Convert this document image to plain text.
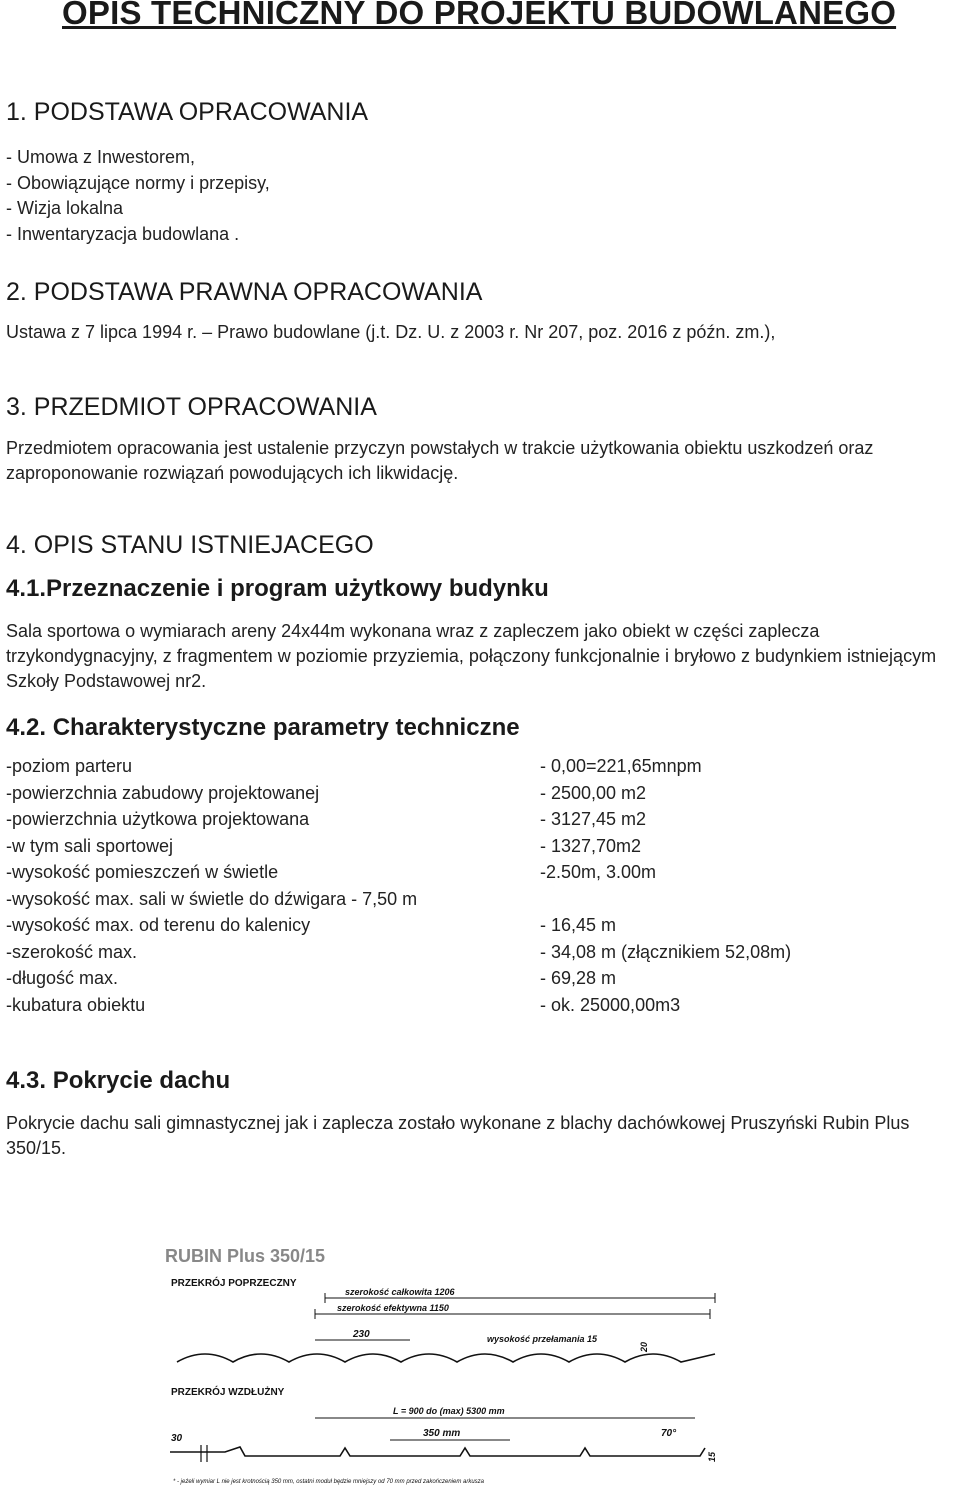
OPIS TECHNICZNY DO PROJEKTU BUDOWLANEGO
1. PODSTAWA OPRACOWANIA
- Umowa z Inwestorem,
- Obowiązujące normy i przepisy,
- Wizja lokalna
- Inwentaryzacja budowlana .
2. PODSTAWA PRAWNA OPRACOWANIA

Ustawa z 7 lipca 1994 r. – Prawo budowlane (j.t. Dz. U. z 2003 r. Nr 207, poz. 2016 z późn. zm.),

3. PRZEDMIOT OPRACOWANIA

Przedmiotem opracowania jest ustalenie przyczyn powstałych w trakcie użytkowania obiektu uszkodzeń oraz zaproponowanie rozwiązań powodujących ich likwidację.

4. OPIS STANU ISTNIEJACEGO
4.1.Przeznaczenie i program użytkowy budynku

Sala sportowa o wymiarach areny 24x44m wykonana wraz z zapleczem jako obiekt w części zaplecza trzykondygnacyjny, z fragmentem w poziomie przyziemia, połączony funkcjonalnie i bryłowo z budynkiem istniejącym Szkoły Podstawowej nr2.

4.2. Charakterystyczne parametry techniczne
-poziom parteru	- 0,00=221,65mnpm
-powierzchnia zabudowy projektowanej	- 2500,00 m2
-powierzchnia użytkowa projektowana	- 3127,45 m2
-w tym sali sportowej	- 1327,70m2
-wysokość pomieszczeń w świetle	-2.50m, 3.00m
-wysokość max. sali w świetle do dźwigara - 7,50 m
-wysokość max. od terenu do kalenicy	- 16,45 m
-szerokość max.	- 34,08 m (złącznikiem 52,08m)
-długość max.	- 69,28 m
-kubatura obiektu	- ok. 25000,00m3
4.3. Pokrycie dachu

Pokrycie dachu sali gimnastycznej jak i zaplecza zostało wykonane z blachy dachówkowej Pruszyński Rubin Plus 350/15.

RUBIN Plus 350/15
PRZEKRÓJ POPRZECZNY
szerokość całkowita 1206
szerokość efektywna 1150
230	wysokość przełamania 15
20
PRZEKRÓJ WZDŁUŻNY
L = 900 do (max) 5300 mm
30	350 mm	70°
15
* - jeżeli wymiar L nie jest krotnością 350 mm, ostatni moduł będzie mniejszy od 70 mm przed zakończeniem arkusza
